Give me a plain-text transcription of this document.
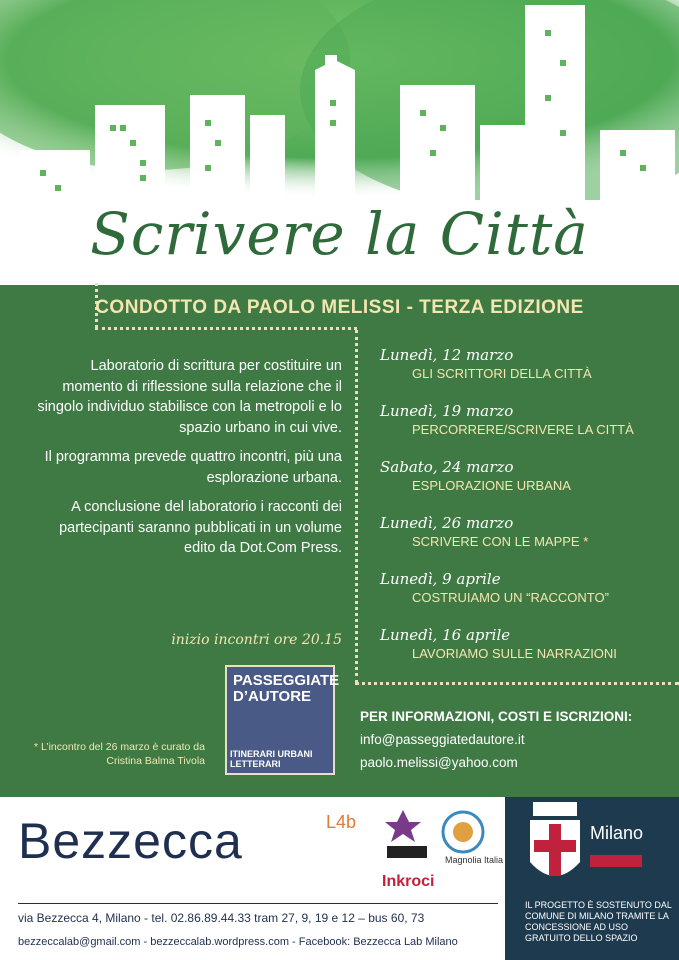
Scrivere la Città
CONDOTTO DA PAOLO MELISSI - TERZA EDIZIONE

Laboratorio di scrittura per costituire un momento di riflessione sulla relazione che il singolo individuo stabilisce con la metropoli e lo spazio urbano in cui vive.

Il programma prevede quattro incontri, più una esplorazione urbana.

A conclusione del laboratorio i racconti dei partecipanti saranno pubblicati in un volume edito da Dot.Com Press.

inizio incontri ore 20.15
Lunedì, 12 marzo
GLI SCRITTORI DELLA CITTÀ
Lunedì, 19 marzo
PERCORRERE/SCRIVERE LA CITTÀ
Sabato, 24 marzo
ESPLORAZIONE URBANA
Lunedì, 26 marzo
SCRIVERE CON LE MAPPE *
Lunedì, 9 aprile
COSTRUIAMO UN “RACCONTO”
Lunedì, 16 aprile
LAVORIAMO SULLE NARRAZIONI
PER INFORMAZIONI, COSTI E ISCRIZIONI:
info@passeggiatedautore.it
paolo.melissi@yahoo.com
PASSEGGIATE D’AUTORE
ITINERARI URBANI LETTERARI
* L’incontro del 26 marzo è curato da Cristina Balma Tivola
Bezzecca	L4b
Magnolia Italia
Inkroci
via Bezzecca 4, Milano - tel. 02.86.89.44.33 tram 27, 9, 19 e 12 – bus 60, 73
bezzeccalab@gmail.com - bezzeccalab.wordpress.com - Facebook: Bezzecca Lab Milano
Milano
IL PROGETTO È SOSTENUTO DAL COMUNE DI MILANO TRAMITE LA CONCESSIONE AD USO GRATUITO DELLO SPAZIO
